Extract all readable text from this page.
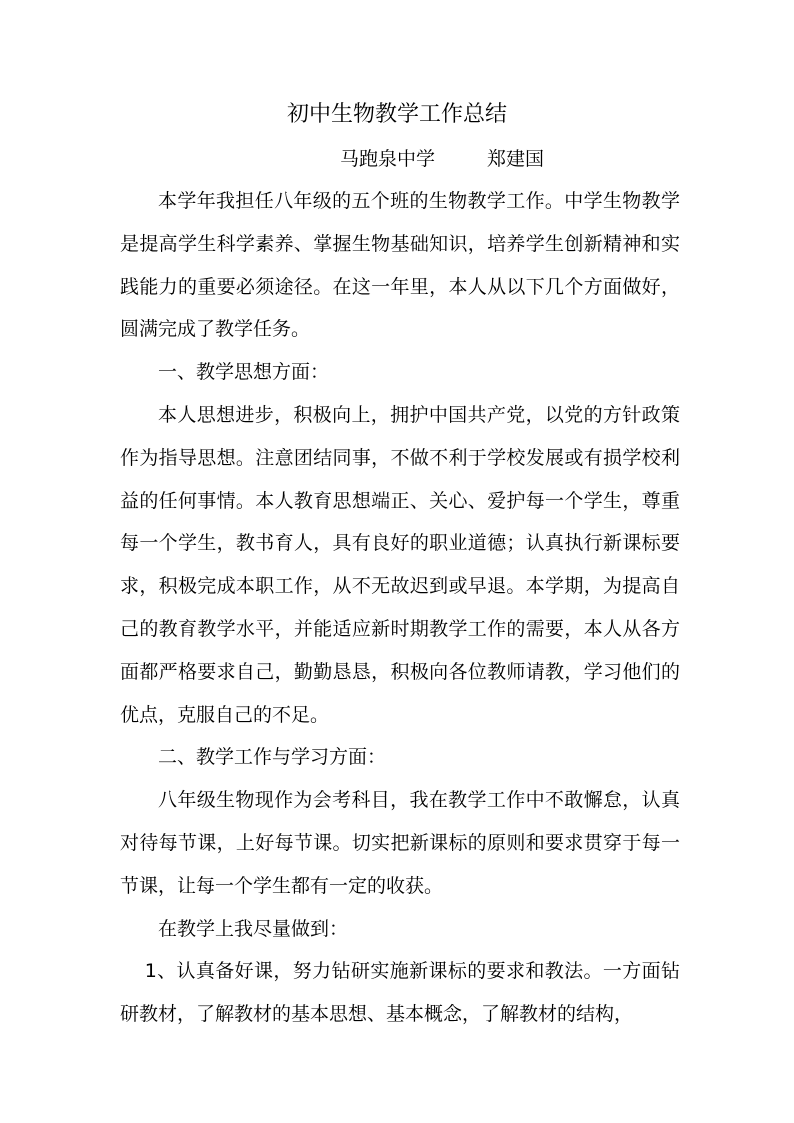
初中生物教学工作总结
马跑泉中学	郑建国

本学年我担任八年级的五个班的生物教学工作。中学生物教学是提高学生科学素养、掌握生物基础知识，培养学生创新精神和实践能力的重要必须途径。在这一年里，本人从以下几个方面做好，圆满完成了教学任务。

一、教学思想方面：

本人思想进步，积极向上，拥护中国共产党，以党的方针政策作为指导思想。注意团结同事，不做不利于学校发展或有损学校利益的任何事情。本人教育思想端正、关心、爱护每一个学生，尊重每一个学生，教书育人，具有良好的职业道德；认真执行新课标要求，积极完成本职工作，从不无故迟到或早退。本学期，为提高自己的教育教学水平，并能适应新时期教学工作的需要，本人从各方面都严格要求自己，勤勤恳恳，积极向各位教师请教，学习他们的优点，克服自己的不足。

二、教学工作与学习方面：

八年级生物现作为会考科目，我在教学工作中不敢懈怠，认真对待每节课，上好每节课。切实把新课标的原则和要求贯穿于每一节课，让每一个学生都有一定的收获。

在教学上我尽量做到：

1、认真备好课，努力钻研实施新课标的要求和教法。一方面钻研教材，了解教材的基本思想、基本概念，了解教材的结构，
